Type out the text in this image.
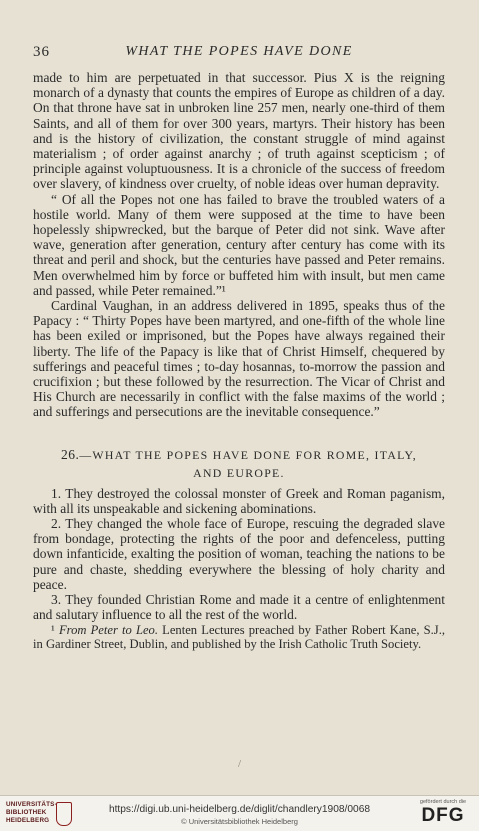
36	WHAT THE POPES HAVE DONE

made to him are perpetuated in that successor. Pius X is the reigning monarch of a dynasty that counts the empires of Europe as children of a day. On that throne have sat in unbroken line 257 men, nearly one-third of them Saints, and all of them for over 300 years, martyrs. Their history has been and is the history of civilization, the constant struggle of mind against materialism ; of order against anarchy ; of truth against scepticism ; of principle against voluptuousness. It is a chronicle of the success of freedom over slavery, of kindness over cruelty, of noble ideas over human depravity.

“ Of all the Popes not one has failed to brave the troubled waters of a hostile world. Many of them were supposed at the time to have been hopelessly shipwrecked, but the barque of Peter did not sink. Wave after wave, generation after generation, century after century has come with its threat and peril and shock, but the centuries have passed and Peter remains. Men overwhelmed him by force or buffeted him with insult, but men came and passed, while Peter remained.”¹

Cardinal Vaughan, in an address delivered in 1895, speaks thus of the Papacy : “ Thirty Popes have been martyred, and one-fifth of the whole line has been exiled or imprisoned, but the Popes have always regained their liberty. The life of the Papacy is like that of Christ Himself, chequered by sufferings and peaceful times ; to-day hosannas, to-morrow the passion and crucifixion ; but these followed by the resurrection. The Vicar of Christ and His Church are necessarily in conflict with the false maxims of the world ; and sufferings and persecutions are the inevitable consequence.”

26.—WHAT THE POPES HAVE DONE FOR ROME, ITALY,
AND EUROPE.

1. They destroyed the colossal monster of Greek and Roman paganism, with all its unspeakable and sickening abominations.

2. They changed the whole face of Europe, rescuing the degraded slave from bondage, protecting the rights of the poor and defenceless, putting down infanticide, exalting the position of woman, teaching the nations to be pure and chaste, shedding everywhere the blessing of holy charity and peace.

3. They founded Christian Rome and made it a centre of enlightenment and salutary influence to all the rest of the world.

¹ From Peter to Leo. Lenten Lectures preached by Father Robert Kane, S.J., in Gardiner Street, Dublin, and published by the Irish Catholic Truth Society.

/
UNIVERSITÄTS-
BIBLIOTHEK
HEIDELBERG
https://digi.ub.uni-heidelberg.de/diglit/chandlery1908/0068
© Universitätsbibliothek Heidelberg
gefördert durch die
DFG
